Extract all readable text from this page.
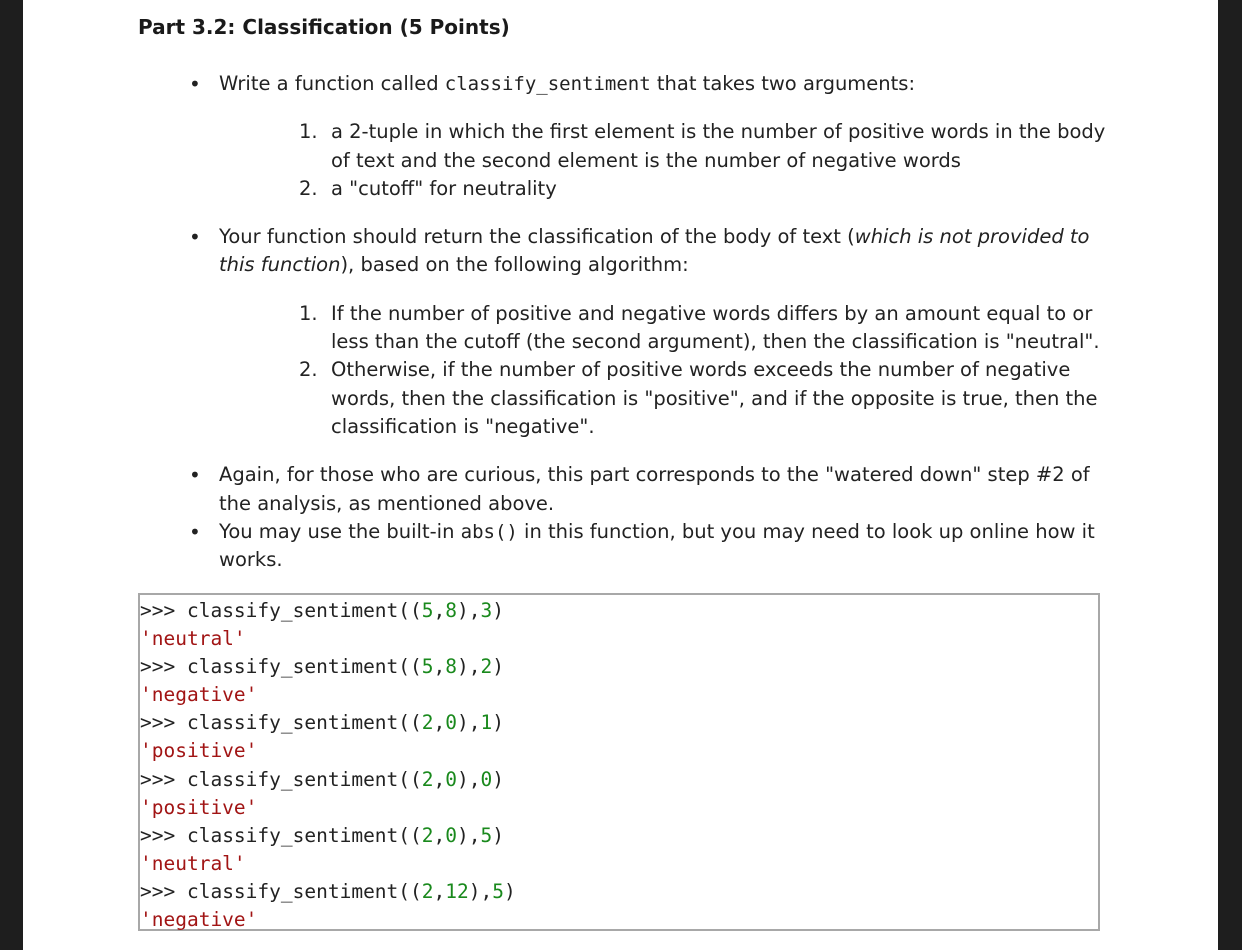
Part 3.2: Classification (5 Points)
• Write a function called classify_sentiment that takes two arguments:
1. a 2-tuple in which the first element is the number of positive words in the body of text and the second element is the number of negative words
2. a "cutoff" for neutrality
• Your function should return the classification of the body of text (which is not provided to this function), based on the following algorithm:
1. If the number of positive and negative words differs by an amount equal to or less than the cutoff (the second argument), then the classification is "neutral".
2. Otherwise, if the number of positive words exceeds the number of negative words, then the classification is "positive", and if the opposite is true, then the classification is "negative".
• Again, for those who are curious, this part corresponds to the "watered down" step #2 of the analysis, as mentioned above.
• You may use the built-in abs() in this function, but you may need to look up online how it works.
>>> classify_sentiment((5,8),3)
'neutral'
>>> classify_sentiment((5,8),2)
'negative'
>>> classify_sentiment((2,0),1)
'positive'
>>> classify_sentiment((2,0),0)
'positive'
>>> classify_sentiment((2,0),5)
'neutral'
>>> classify_sentiment((2,12),5)
'negative'
